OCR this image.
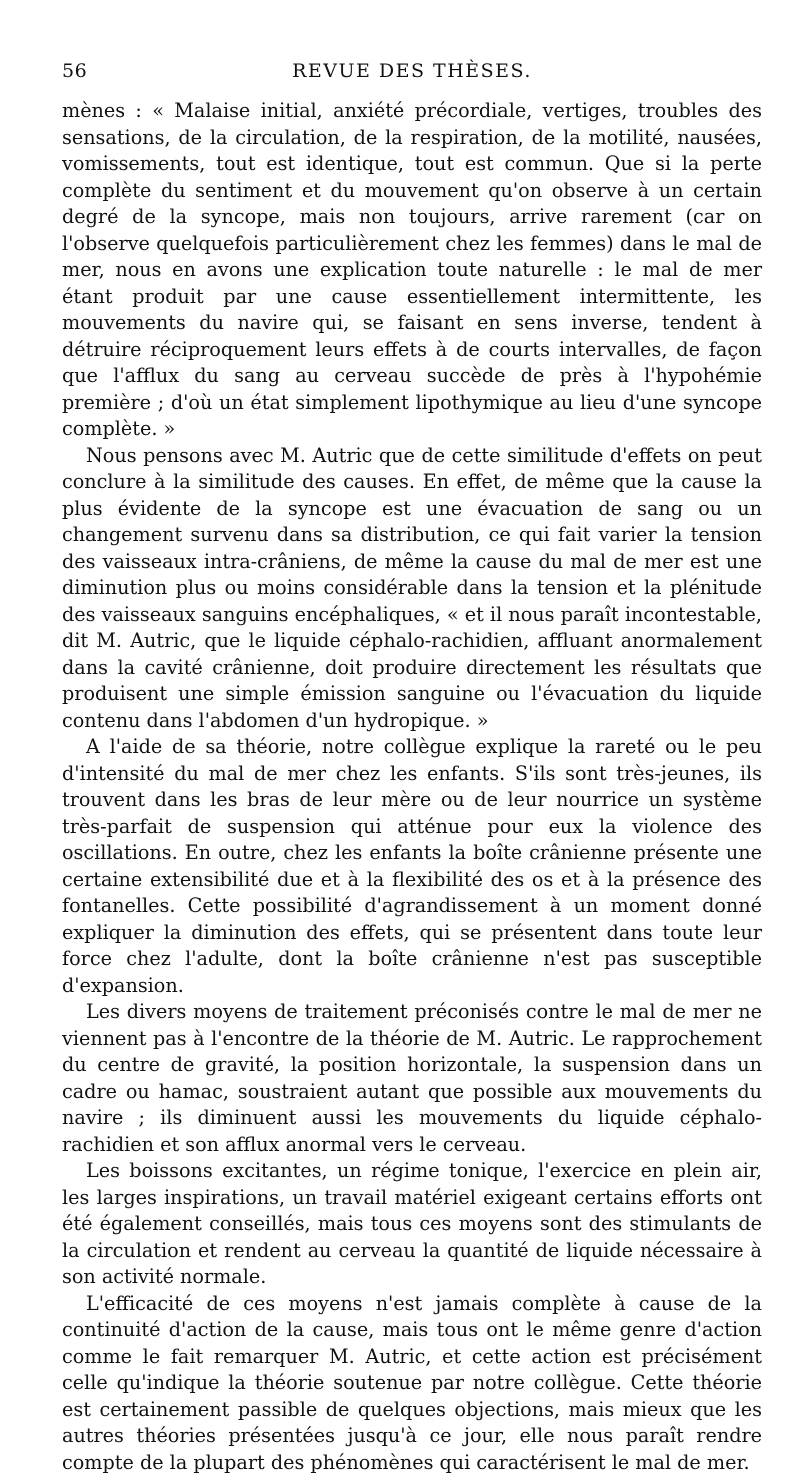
56	REVUE DES THÈSES.

mènes : « Malaise initial, anxiété précordiale, vertiges, troubles des sensations, de la circulation, de la respiration, de la motilité, nausées, vomissements, tout est identique, tout est commun. Que si la perte complète du sentiment et du mouvement qu'on observe à un certain degré de la syncope, mais non toujours, arrive rarement (car on l'observe quelquefois particulièrement chez les femmes) dans le mal de mer, nous en avons une explication toute naturelle : le mal de mer étant produit par une cause essentiellement intermittente, les mouvements du navire qui, se faisant en sens inverse, tendent à détruire réciproquement leurs effets à de courts intervalles, de façon que l'afflux du sang au cerveau succède de près à l'hypohémie première ; d'où un état simplement lipothymique au lieu d'une syncope complète. »

Nous pensons avec M. Autric que de cette similitude d'effets on peut conclure à la similitude des causes. En effet, de même que la cause la plus évidente de la syncope est une évacuation de sang ou un changement survenu dans sa distribution, ce qui fait varier la tension des vaisseaux intra-crâniens, de même la cause du mal de mer est une diminution plus ou moins considérable dans la tension et la plénitude des vaisseaux sanguins encéphaliques, « et il nous paraît incontestable, dit M. Autric, que le liquide céphalo-rachidien, affluant anormalement dans la cavité crânienne, doit produire directement les résultats que produisent une simple émission sanguine ou l'évacuation du liquide contenu dans l'abdomen d'un hydropique. »

A l'aide de sa théorie, notre collègue explique la rareté ou le peu d'intensité du mal de mer chez les enfants. S'ils sont très-jeunes, ils trouvent dans les bras de leur mère ou de leur nourrice un système très-parfait de suspension qui atténue pour eux la violence des oscillations. En outre, chez les enfants la boîte crânienne présente une certaine extensibilité due et à la flexibilité des os et à la présence des fontanelles. Cette possibilité d'agrandissement à un moment donné expliquer la diminution des effets, qui se présentent dans toute leur force chez l'adulte, dont la boîte crânienne n'est pas susceptible d'expansion.

Les divers moyens de traitement préconisés contre le mal de mer ne viennent pas à l'encontre de la théorie de M. Autric. Le rapprochement du centre de gravité, la position horizontale, la suspension dans un cadre ou hamac, soustraient autant que possible aux mouvements du navire ; ils diminuent aussi les mouvements du liquide céphalo-rachidien et son afflux anormal vers le cerveau.

Les boissons excitantes, un régime tonique, l'exercice en plein air, les larges inspirations, un travail matériel exigeant certains efforts ont été également conseillés, mais tous ces moyens sont des stimulants de la circulation et rendent au cerveau la quantité de liquide nécessaire à son activité normale.

L'efficacité de ces moyens n'est jamais complète à cause de la continuité d'action de la cause, mais tous ont le même genre d'action comme le fait remarquer M. Autric, et cette action est précisément celle qu'indique la théorie soutenue par notre collègue. Cette théorie est certainement passible de quelques objections, mais mieux que les autres théories présentées jusqu'à ce jour, elle nous paraît rendre compte de la plupart des phénomènes qui caractérisent le mal de mer.
